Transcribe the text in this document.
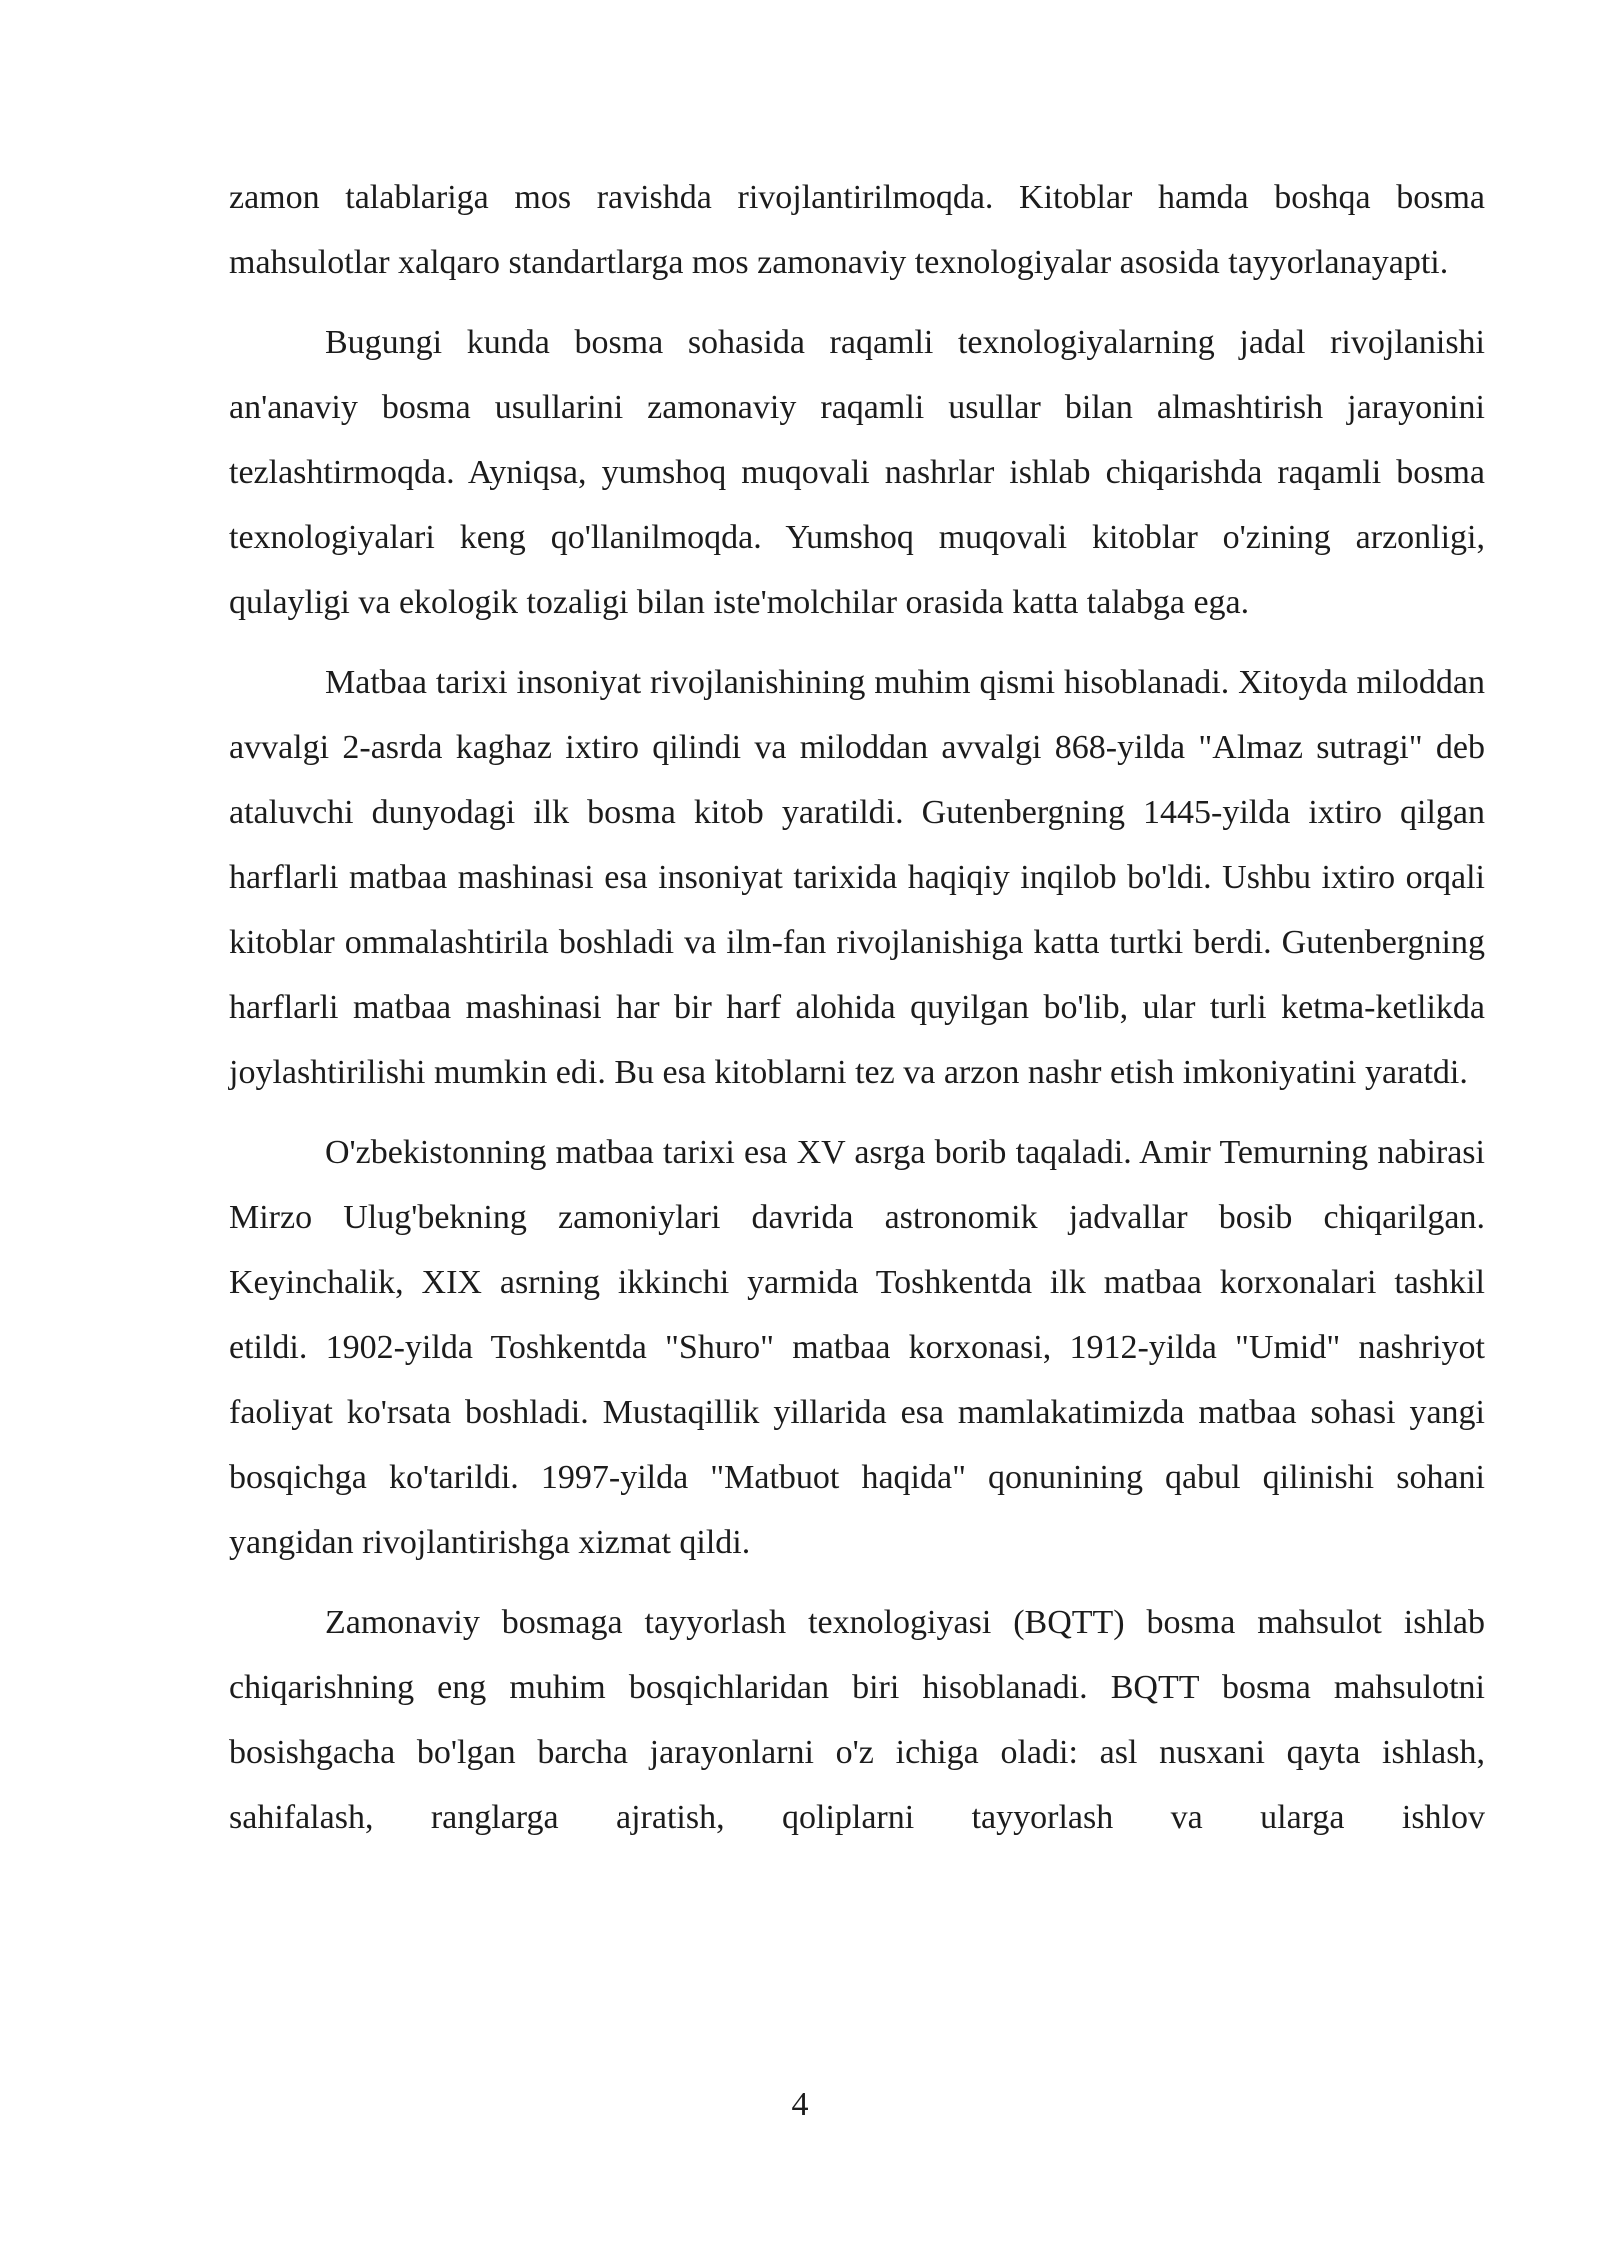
zamon talablariga mos ravishda rivojlantirilmoqda. Kitoblar hamda boshqa bosma mahsulotlar xalqaro standartlarga mos zamonaviy texnologiyalar asosida tayyorlanayapti.

Bugungi kunda bosma sohasida raqamli texnologiyalarning jadal rivojlanishi an'anaviy bosma usullarini zamonaviy raqamli usullar bilan almashtirish jarayonini tezlashtirmoqda. Ayniqsa, yumshoq muqovali nashrlar ishlab chiqarishda raqamli bosma texnologiyalari keng qo'llanilmoqda. Yumshoq muqovali kitoblar o'zining arzonligi, qulayligi va ekologik tozaligi bilan iste'molchilar orasida katta talabga ega.

Matbaa tarixi insoniyat rivojlanishining muhim qismi hisoblanadi. Xitoyda miloddan avvalgi 2-asrda kaghaz ixtiro qilindi va miloddan avvalgi 868-yilda "Almaz sutragi" deb ataluvchi dunyodagi ilk bosma kitob yaratildi. Gutenbergning 1445-yilda ixtiro qilgan harflarli matbaa mashinasi esa insoniyat tarixida haqiqiy inqilob bo'ldi. Ushbu ixtiro orqali kitoblar ommalashtirila boshladi va ilm-fan rivojlanishiga katta turtki berdi. Gutenbergning harflarli matbaa mashinasi har bir harf alohida quyilgan bo'lib, ular turli ketma-ketlikda joylashtirilishi mumkin edi. Bu esa kitoblarni tez va arzon nashr etish imkoniyatini yaratdi.

O'zbekistonning matbaa tarixi esa XV asrga borib taqaladi. Amir Temurning nabirasi Mirzo Ulug'bekning zamoniylari davrida astronomik jadvallar bosib chiqarilgan. Keyinchalik, XIX asrning ikkinchi yarmida Toshkentda ilk matbaa korxonalari tashkil etildi. 1902-yilda Toshkentda "Shuro" matbaa korxonasi, 1912-yilda "Umid" nashriyot faoliyat ko'rsata boshladi. Mustaqillik yillarida esa mamlakatimizda matbaa sohasi yangi bosqichga ko'tarildi. 1997-yilda "Matbuot haqida" qonunining qabul qilinishi sohani yangidan rivojlantirishga xizmat qildi.

Zamonaviy bosmaga tayyorlash texnologiyasi (BQTT) bosma mahsulot ishlab chiqarishning eng muhim bosqichlaridan biri hisoblanadi. BQTT bosma mahsulotni bosishgacha bo'lgan barcha jarayonlarni o'z ichiga oladi: asl nusxani qayta ishlash, sahifalash, ranglarga ajratish, qoliplarni tayyorlash va ularga ishlov

4
